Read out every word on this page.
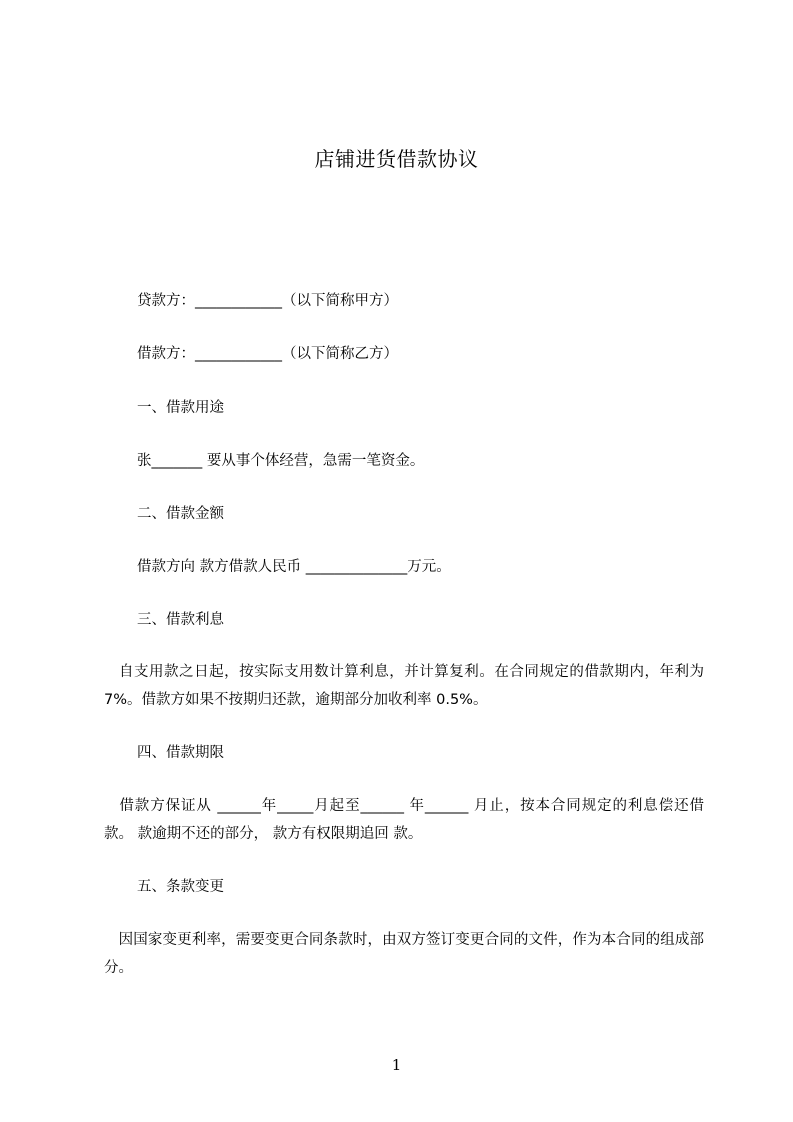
店铺进货借款协议
贷款方：____________（以下简称甲方）
借款方：____________（以下简称乙方）
一、借款用途
张_______ 要从事个体经营，急需一笔资金。
二、借款金额
借款方向 款方借款人民币 ______________万元。
三、借款利息
　自支用款之日起，按实际支用数计算利息，并计算复利。在合同规定的借款期内，年利为 7%。借款方如果不按期归还款，逾期部分加收利率 0.5%。
四、借款期限
　借款方保证从 ______年_____月起至______ 年______ 月止，按本合同规定的利息偿还借款。 款逾期不还的部分， 款方有权限期追回 款。
五、条款变更
　因国家变更利率，需要变更合同条款时，由双方签订变更合同的文件，作为本合同的组成部分。
1
